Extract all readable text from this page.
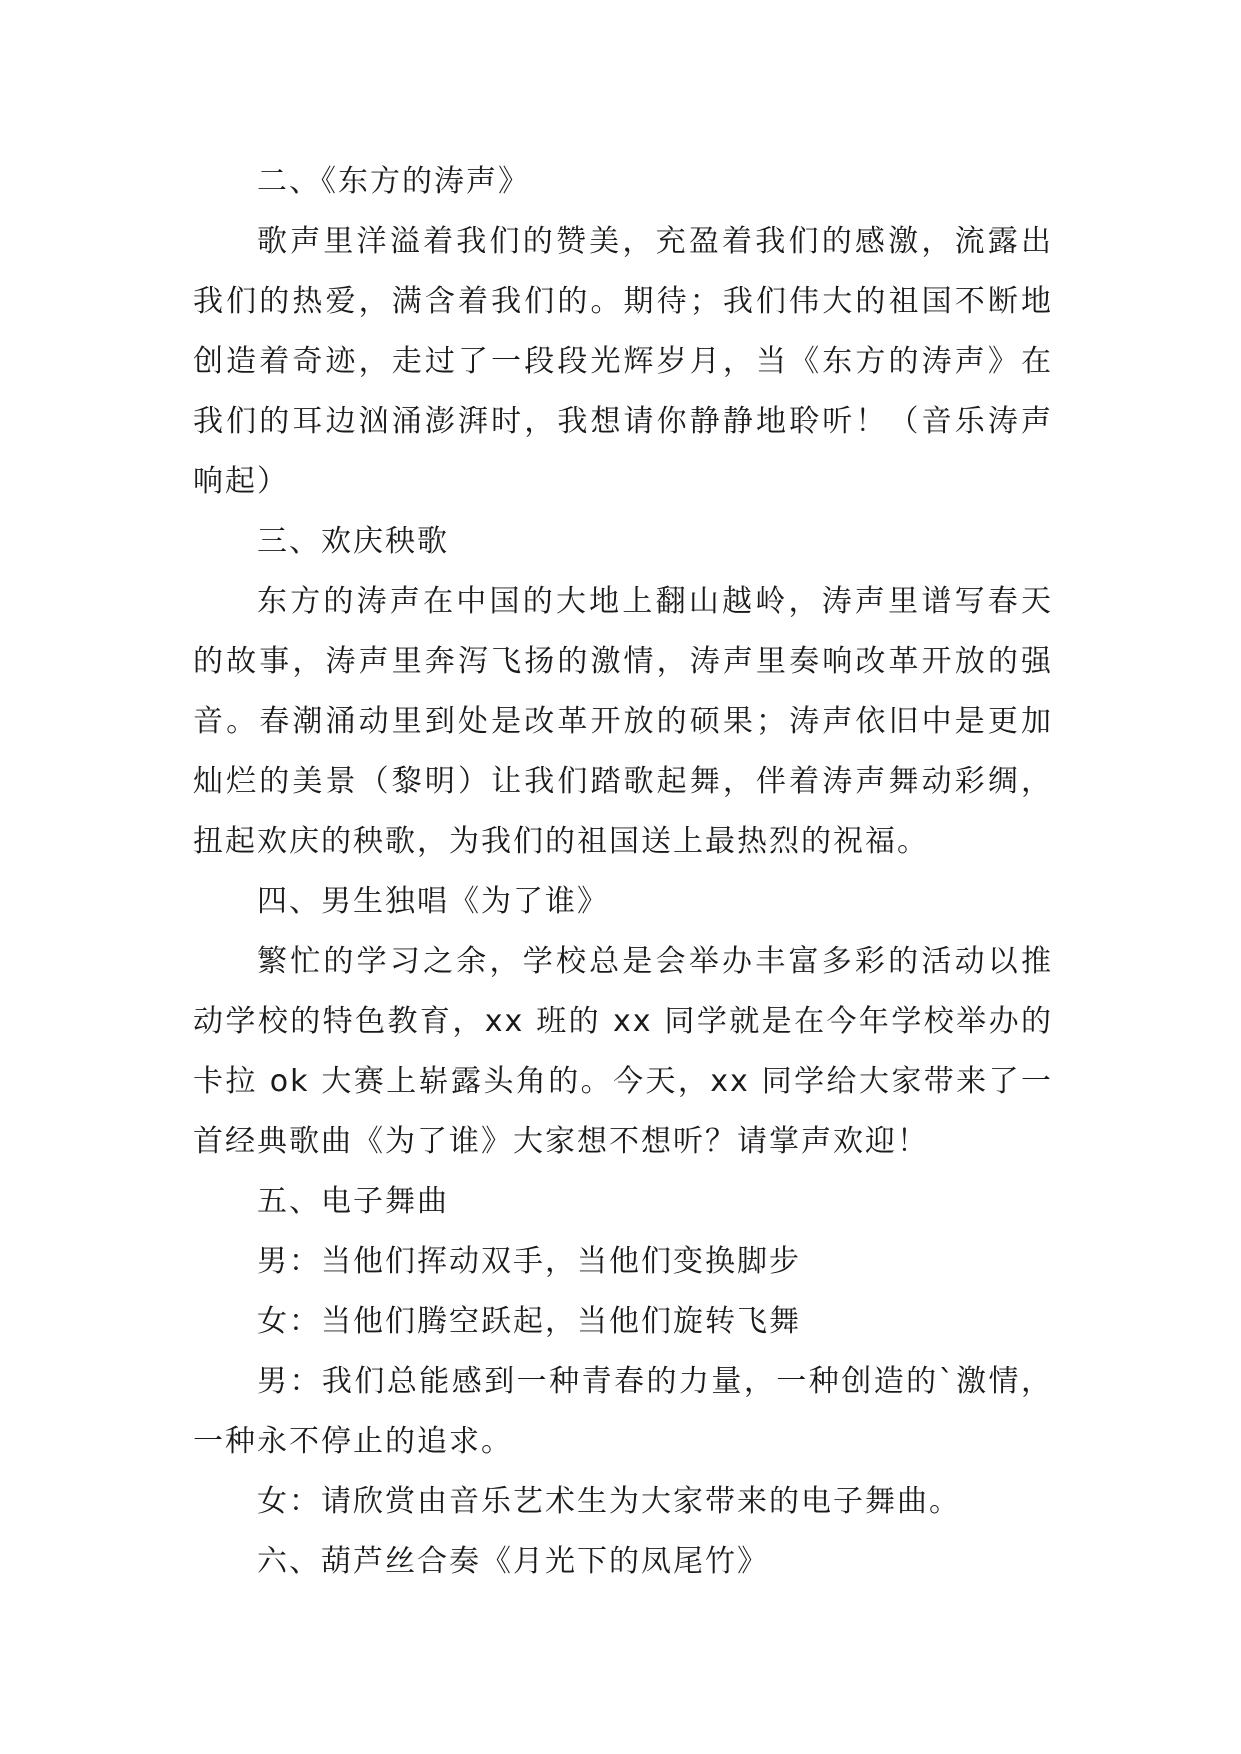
二、《东方的涛声》

歌声里洋溢着我们的赞美，充盈着我们的感激，流露出我们的热爱，满含着我们的。期待；我们伟大的祖国不断地创造着奇迹，走过了一段段光辉岁月，当《东方的涛声》在我们的耳边汹涌澎湃时，我想请你静静地聆听！（音乐涛声响起）

三、欢庆秧歌

东方的涛声在中国的大地上翻山越岭，涛声里谱写春天的故事，涛声里奔泻飞扬的激情，涛声里奏响改革开放的强音。春潮涌动里到处是改革开放的硕果；涛声依旧中是更加灿烂的美景（黎明）让我们踏歌起舞，伴着涛声舞动彩绸，扭起欢庆的秧歌，为我们的祖国送上最热烈的祝福。

四、男生独唱《为了谁》

繁忙的学习之余，学校总是会举办丰富多彩的活动以推动学校的特色教育，xx 班的 xx 同学就是在今年学校举办的卡拉 ok 大赛上崭露头角的。今天，xx 同学给大家带来了一首经典歌曲《为了谁》大家想不想听？请掌声欢迎！

五、电子舞曲

男：当他们挥动双手，当他们变换脚步

女：当他们腾空跃起，当他们旋转飞舞

男：我们总能感到一种青春的力量，一种创造的`激情，一种永不停止的追求。

女：请欣赏由音乐艺术生为大家带来的电子舞曲。

六、葫芦丝合奏《月光下的凤尾竹》
